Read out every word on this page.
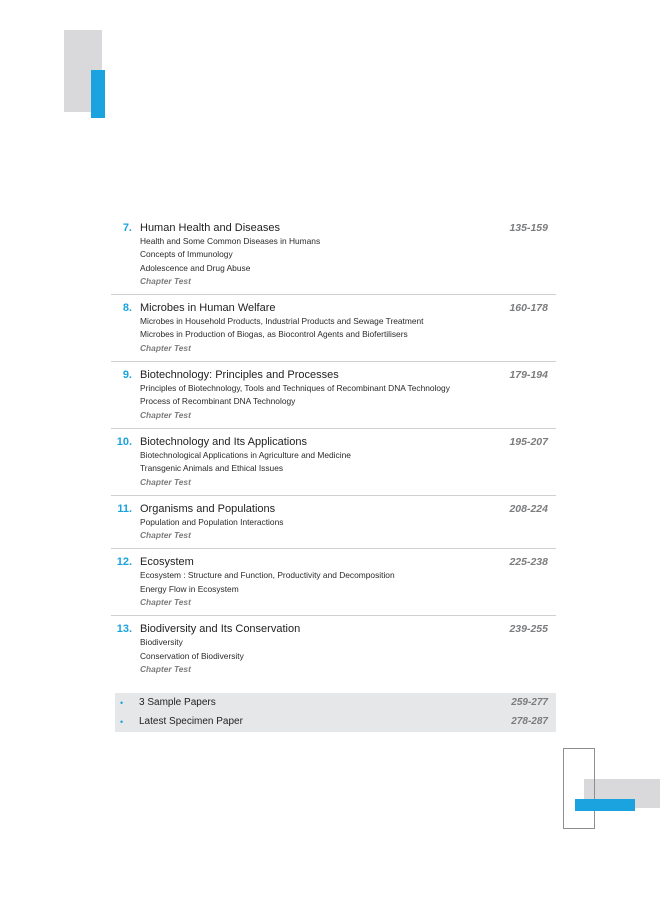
7. Human Health and Diseases	135-159
Health and Some Common Diseases in Humans
Concepts of Immunology
Adolescence and Drug Abuse
Chapter Test
8. Microbes in Human Welfare	160-178
Microbes in Household Products, Industrial Products and Sewage Treatment
Microbes in Production of Biogas, as Biocontrol Agents and Biofertilisers
Chapter Test
9. Biotechnology: Principles and Processes	179-194
Principles of Biotechnology, Tools and Techniques of Recombinant DNA Technology
Process of Recombinant DNA Technology
Chapter Test
10. Biotechnology and Its Applications	195-207
Biotechnological Applications in Agriculture and Medicine
Transgenic Animals and Ethical Issues
Chapter Test
11. Organisms and Populations	208-224
Population and Population Interactions
Chapter Test
12. Ecosystem	225-238
Ecosystem : Structure and Function, Productivity and Decomposition
Energy Flow in Ecosystem
Chapter Test
13. Biodiversity and Its Conservation	239-255
Biodiversity
Conservation of Biodiversity
Chapter Test
• 3 Sample Papers	259-277
• Latest Specimen Paper	278-287
